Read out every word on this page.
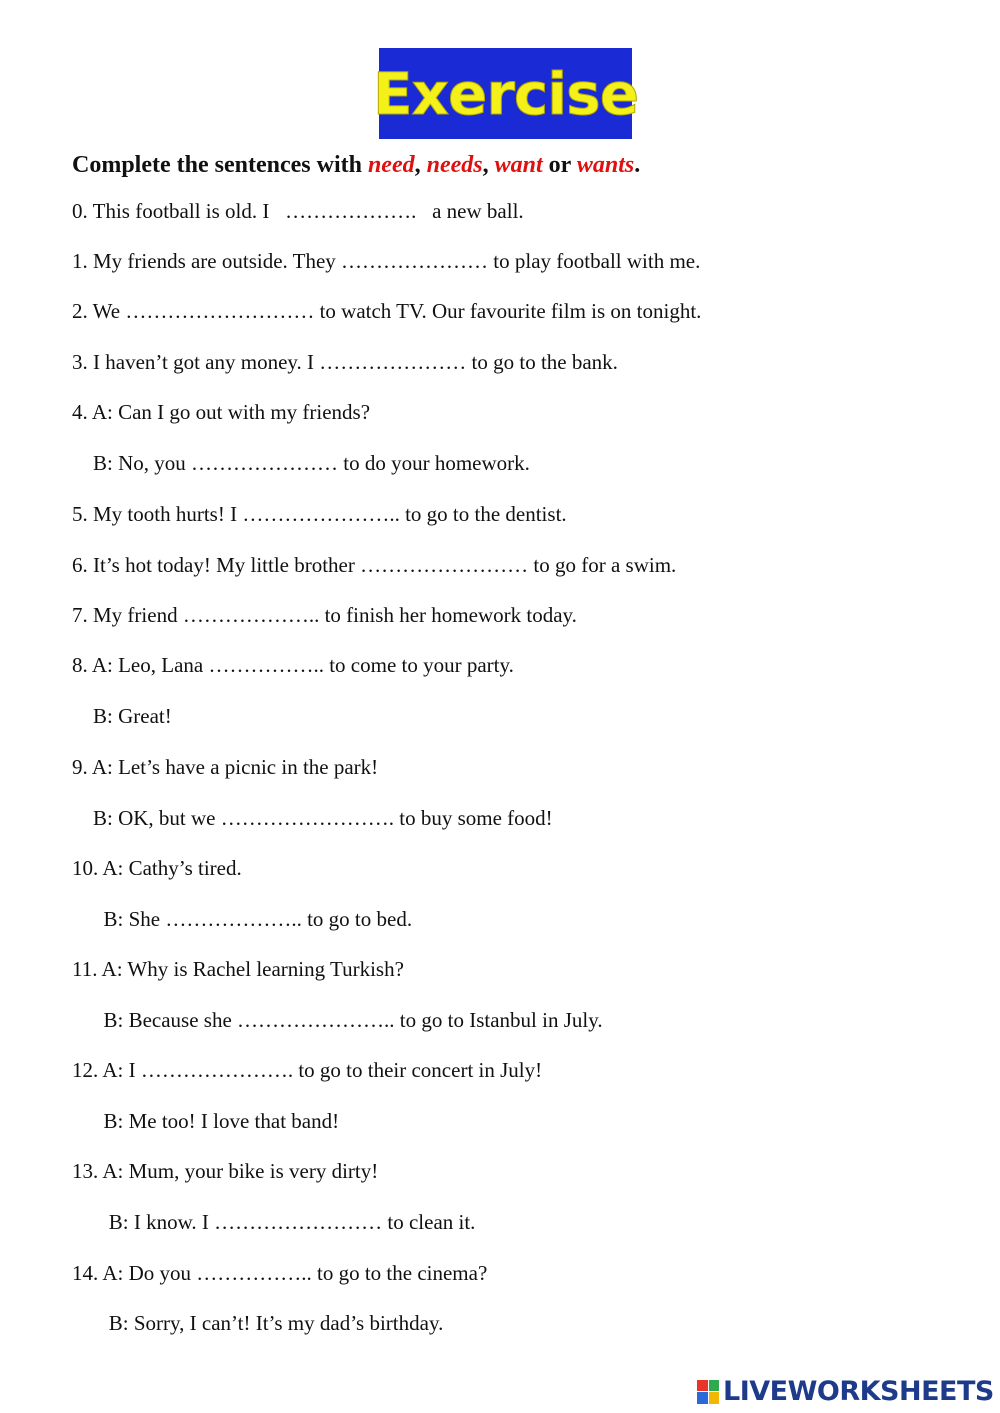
Exercise
Complete the sentences with need, needs, want or wants.
0. This football is old. I   ……………….   a new ball.
1. My friends are outside. They ………………… to play football with me.
2. We ……………………… to watch TV. Our favourite film is on tonight.
3. I haven’t got any money. I ………………… to go to the bank.
4. A: Can I go out with my friends?
B: No, you ………………… to do your homework.
5. My tooth hurts! I ………………….. to go to the dentist.
6. It’s hot today! My little brother …………………… to go for a swim.
7. My friend ……………….. to finish her homework today.
8. A: Leo, Lana …………….. to come to your party.
B: Great!
9. A: Let’s have a picnic in the park!
B: OK, but we ……………………. to buy some food!
10. A: Cathy’s tired.
B: She ……………….. to go to bed.
11. A: Why is Rachel learning Turkish?
B: Because she ………………….. to go to Istanbul in July.
12. A: I …………………. to go to their concert in July!
B: Me too! I love that band!
13. A: Mum, your bike is very dirty!
B: I know. I …………………… to clean it.
14. A: Do you …………….. to go to the cinema?
B: Sorry, I can’t! It’s my dad’s birthday.
LIVEWORKSHEETS
